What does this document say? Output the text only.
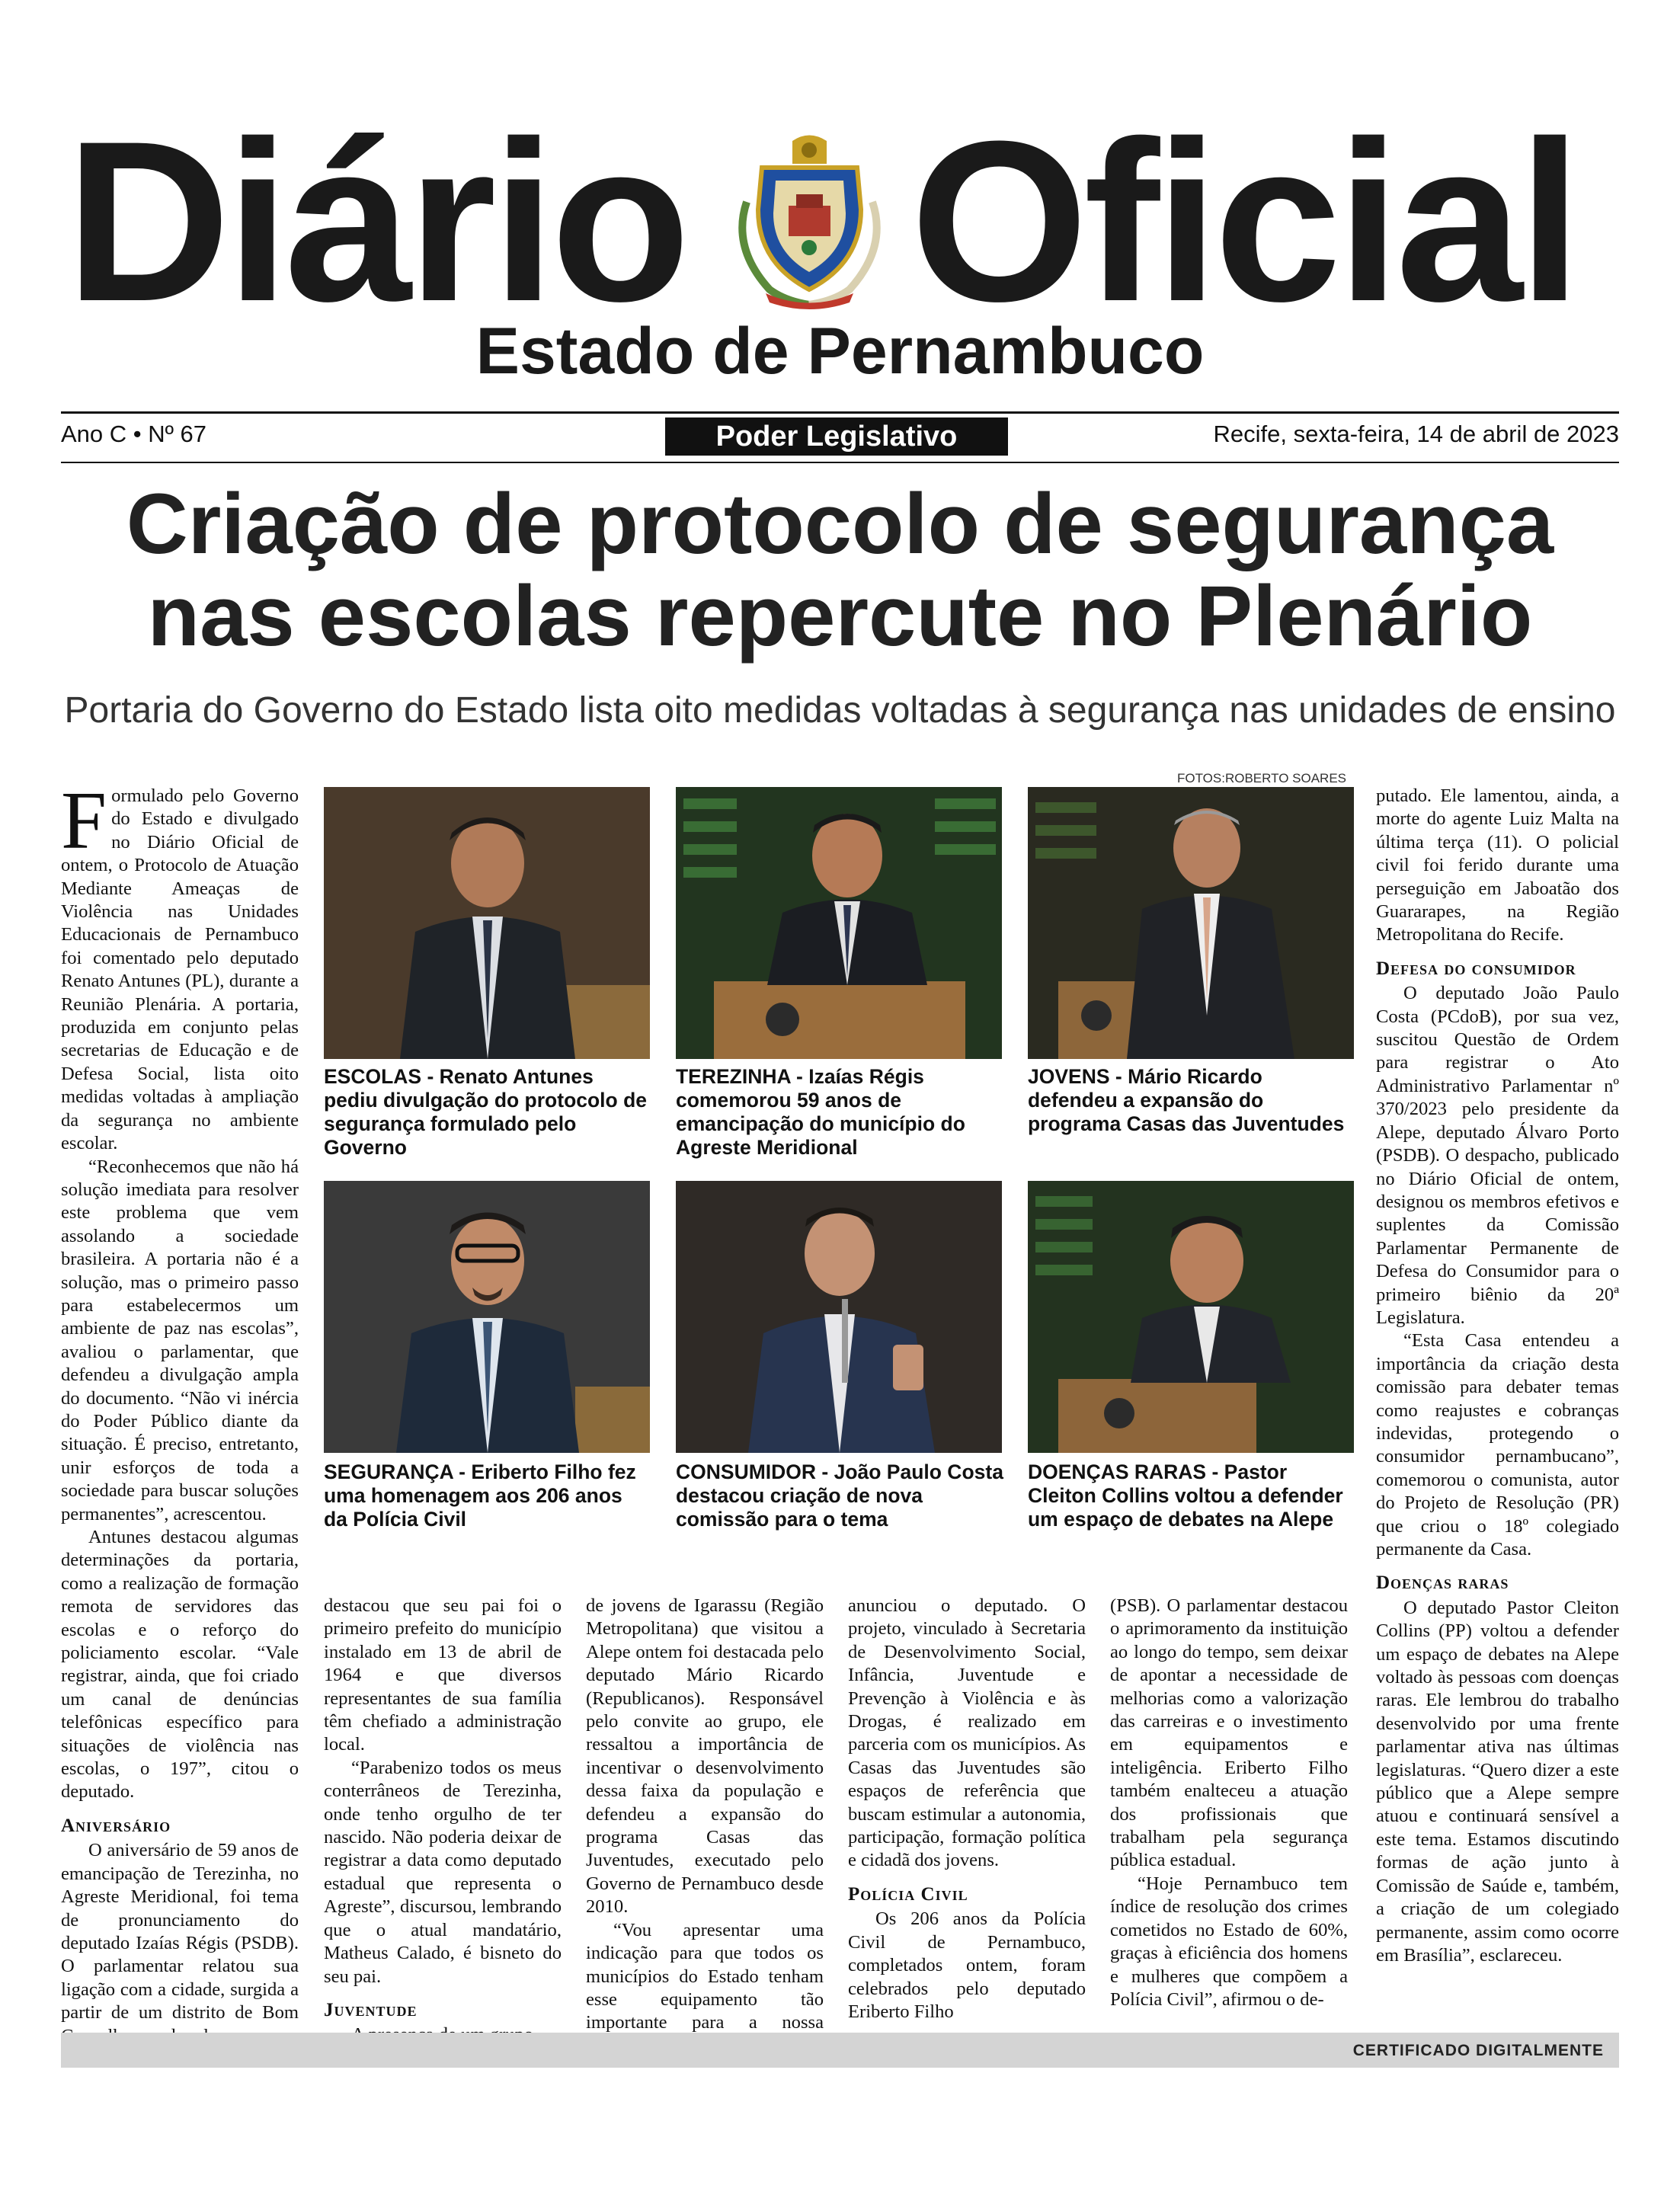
Diário Oficial
Estado de Pernambuco
Ano C • Nº 67	Poder Legislativo	Recife, sexta-feira, 14 de abril de 2023
Criação de protocolo de segurança
nas escolas repercute no Plenário
Portaria do Governo do Estado lista oito medidas voltadas à segurança nas unidades de ensino
FOTOS:ROBERTO SOARES
ESCOLAS - Renato Antunes pediu divulgação do protocolo de segurança formulado pelo Governo
TEREZINHA - Izaías Régis comemorou 59 anos de emancipação do município do Agreste Meridional
JOVENS - Mário Ricardo defendeu a expansão do programa Casas das Juventudes
SEGURANÇA - Eriberto Filho fez uma homenagem aos 206 anos da Polícia Civil
CONSUMIDOR - João Paulo Costa destacou criação de nova comissão para o tema
DOENÇAS RARAS - Pastor Cleiton Collins voltou a defender um espaço de debates na Alepe

Formulado pelo Governo do Estado e divulgado no Diário Oficial de ontem, o Protocolo de Atuação Mediante Ameaças de Violência nas Unidades Educacionais de Pernambuco foi comentado pelo deputado Renato Antunes (PL), durante a Reunião Plenária. A portaria, produzida em conjunto pelas secretarias de Educação e de Defesa Social, lista oito medidas voltadas à ampliação da segurança no ambiente escolar.

“Reconhecemos que não há solução imediata para resolver este problema que vem assolando a sociedade brasileira. A portaria não é a solução, mas o primeiro passo para estabelecermos um ambiente de paz nas escolas”, avaliou o parlamentar, que defendeu a divulgação ampla do documento. “Não vi inércia do Poder Público diante da situação. É preciso, entretanto, unir esforços de toda a sociedade para buscar soluções permanentes”, acrescentou.

Antunes destacou algumas determinações da portaria, como a realização de formação remota de servidores das escolas e o reforço do policiamento escolar. “Vale registrar, ainda, que foi criado um canal de denúncias telefônicas específico para situações de violência nas escolas, o 197”, citou o deputado.

Aniversário

O aniversário de 59 anos de emancipação de Terezinha, no Agreste Meridional, foi tema de pronunciamento do deputado Izaías Régis (PSDB). O parlamentar relatou sua ligação com a cidade, surgida a partir de um distrito de Bom

destacou que seu pai foi o primeiro prefeito do município instalado em 13 de abril de 1964 e que diversos representantes de sua família têm chefiado a administração local.

“Parabenizo todos os meus conterrâneos de Terezinha, onde tenho orgulho de ter nascido. Não poderia deixar de registrar a data como deputado estadual que representa o Agreste”, discursou, lembrando que o atual mandatário, Matheus Calado, é bisneto do seu pai.

Juventude

de jovens de Igarassu (Região Metropolitana) que visitou a Alepe ontem foi destacada pelo deputado Mário Ricardo (Republicanos). Responsável pelo convite ao grupo, ele ressaltou a importância de incentivar o desenvolvimento dessa faixa da população e defendeu a expansão do programa Casas das Juventudes, executado pelo Governo de Pernambuco desde 2010.

“Vou apresentar uma indicação para que todos os municípios do Estado tenham esse equipamento tão importante para a nossa

anunciou o deputado. O projeto, vinculado à Secretaria de Desenvolvimento Social, Infância, Juventude e Prevenção à Violência e às Drogas, é realizado em parceria com os municípios. As Casas das Juventudes são espaços de referência que buscam estimular a autonomia, participação, formação política e cidadã dos jovens.

Polícia Civil

Os 206 anos da Polícia Civil de Pernambuco, completados ontem, foram celebrados pelo deputado Eriberto Filho

(PSB). O parlamentar destacou o aprimoramento da instituição ao longo do tempo, sem deixar de apontar a necessidade de melhorias como a valorização das carreiras e o investimento em equipamentos e inteligência. Eriberto Filho também enalteceu a atuação dos profissionais que trabalham pela segurança pública estadual.

“Hoje Pernambuco tem índice de resolução dos crimes cometidos no Estado de 60%, graças à eficiência dos homens e mulheres que compõem a Polícia Civil”, afirmou o de-

putado. Ele lamentou, ainda, a morte do agente Luiz Malta na última terça (11). O policial civil foi ferido durante uma perseguição em Jaboatão dos Guararapes, na Região Metropolitana do Recife.

Defesa do consumidor

O deputado João Paulo Costa (PCdoB), por sua vez, suscitou Questão de Ordem para registrar o Ato Administrativo Parlamentar nº 370/2023 pelo presidente da Alepe, deputado Álvaro Porto (PSDB). O despacho, publicado no Diário Oficial de ontem, designou os membros efetivos e suplentes da Comissão Parlamentar Permanente de Defesa do Consumidor para o primeiro biênio da 20ª Legislatura.

“Esta Casa entendeu a importância da criação desta comissão para debater temas como reajustes e cobranças indevidas, protegendo o consumidor pernambucano”, comemorou o comunista, autor do Projeto de Resolução (PR) que criou o 18º colegiado permanente da Casa.

Doenças raras

O deputado Pastor Cleiton Collins (PP) voltou a defender um espaço de debates na Alepe voltado às pessoas com doenças raras. Ele lembrou do trabalho desenvolvido por uma frente parlamentar ativa nas últimas legislaturas. “Quero dizer a este público que a Alepe sempre atuou e continuará sensível a este tema. Estamos discutindo formas de ação junto à Comissão de Saúde e, também, a criação de um colegiado permanente, assim como ocorre em Brasília”, esclareceu.

CERTIFICADO DIGITALMENTE
